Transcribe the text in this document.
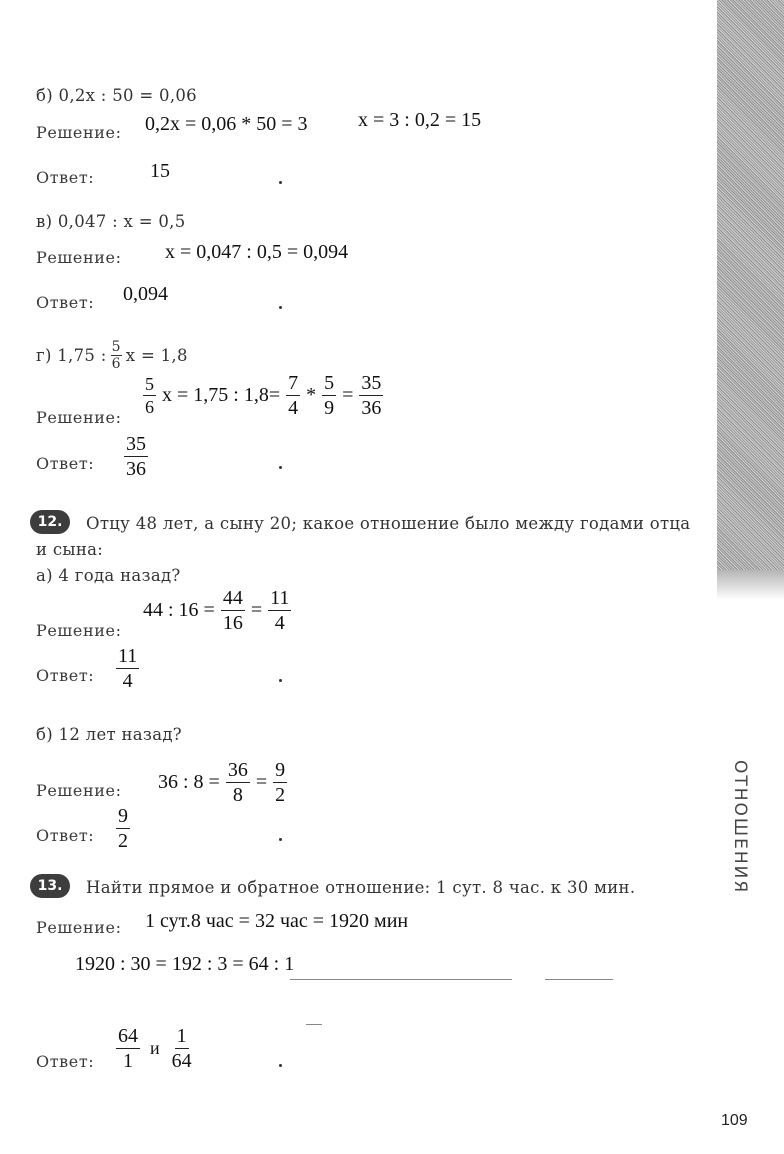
ОТНОШЕНИЯ
б) 0,2x : 50 = 0,06
Решение: 0,2x = 0,06 * 50 = 3	x = 3 : 0,2 = 15
Ответ:	15
в) 0,047 : x = 0,5
Решение: x = 0,047 : 0,5 = 0,094
Ответ: 0,094
г) 1,75 : $\frac{5}{6}$ x = 1,8
Решение:
$\frac{5}{6}$ x = 1,75 : $1,8= \frac{7}{4} * \frac{5}{9} = \frac{35}{36}$
Ответ: $\frac{35}{36}$
12.	Отцу 48 лет, а сыну 20; какое отношение было между годами отца
и сына:
а) 4 года назад?
Решение:
44 : $16 = \frac{44}{16} = \frac{11}{4}$
Ответ: $\frac{11}{4}$
б) 12 лет назад?
Решение: 36 : $8 = \frac{36}{8} = \frac{9}{2}$
Ответ: $\frac{9}{2}$
13.	Найти прямое и обратное отношение: 1 сут. 8 час. к 30 мин.
Решение: 1 сут.8 час = 32 час = 1920 мин
1920 : 30 = 192 : 3 = 64 : 1
Ответ: $\frac{64}{1}$ и $\frac{1}{64}$
109
